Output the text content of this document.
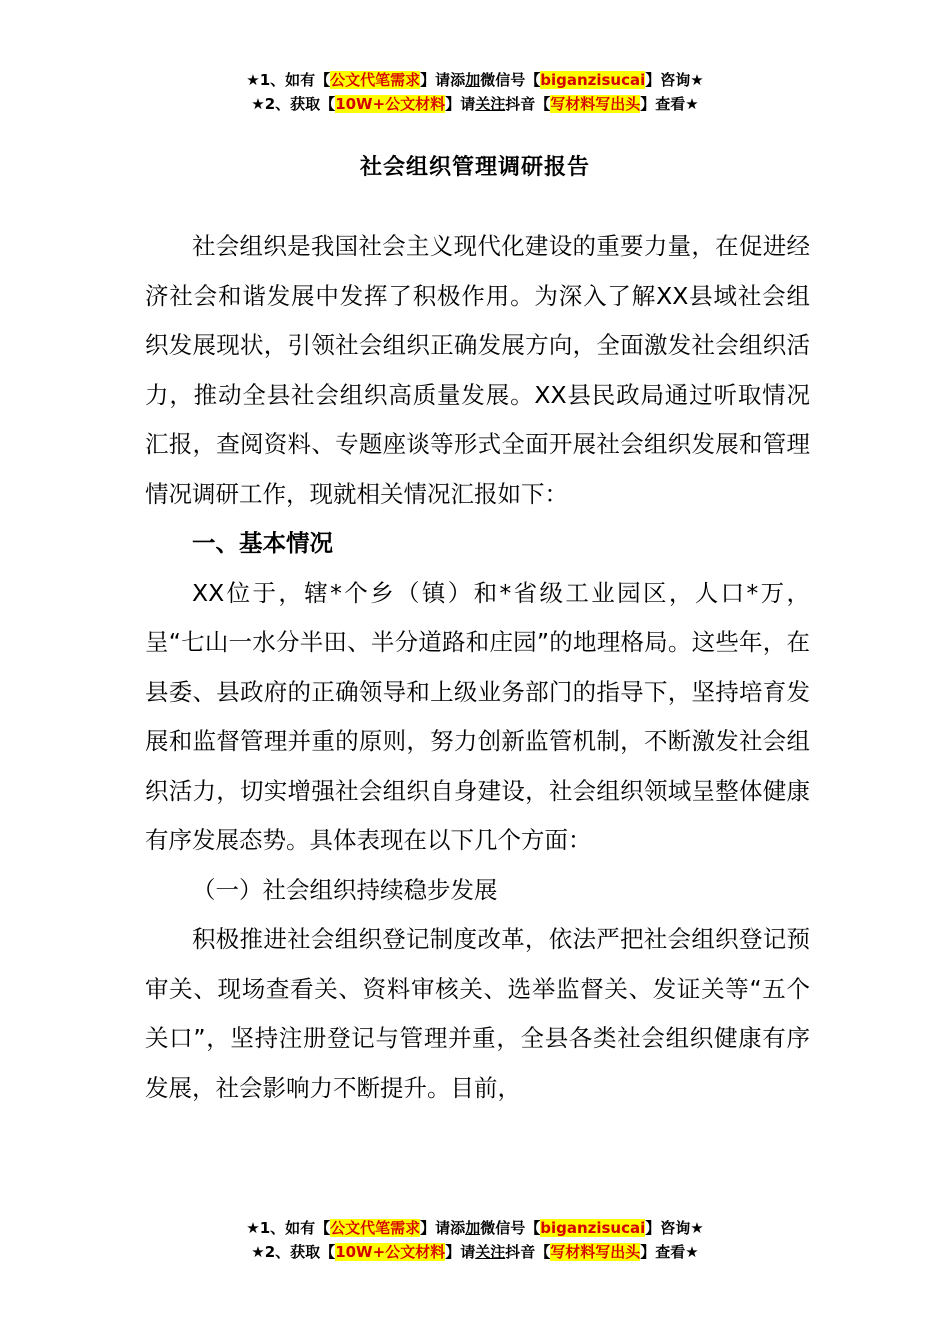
★1、如有【公文代笔需求】请添加微信号【biganzisucai】咨询★
★2、获取【10W+公文材料】请关注抖音【写材料写出头】查看★
社会组织管理调研报告

社会组织是我国社会主义现代化建设的重要力量，在促进经济社会和谐发展中发挥了积极作用。为深入了解XX县域社会组织发展现状，引领社会组织正确发展方向，全面激发社会组织活力，推动全县社会组织高质量发展。XX县民政局通过听取情况汇报，查阅资料、专题座谈等形式全面开展社会组织发展和管理情况调研工作，现就相关情况汇报如下：

一、基本情况

XX位于，辖*个乡（镇）和*省级工业园区，人口*万，呈“七山一水分半田、半分道路和庄园”的地理格局。这些年，在县委、县政府的正确领导和上级业务部门的指导下，坚持培育发展和监督管理并重的原则，努力创新监管机制，不断激发社会组织活力，切实增强社会组织自身建设，社会组织领域呈整体健康有序发展态势。具体表现在以下几个方面：

（一）社会组织持续稳步发展

积极推进社会组织登记制度改革，依法严把社会组织登记预审关、现场查看关、资料审核关、选举监督关、发证关等“五个关口”，坚持注册登记与管理并重，全县各类社会组织健康有序发展，社会影响力不断提升。目前，

★1、如有【公文代笔需求】请添加微信号【biganzisucai】咨询★
★2、获取【10W+公文材料】请关注抖音【写材料写出头】查看★
